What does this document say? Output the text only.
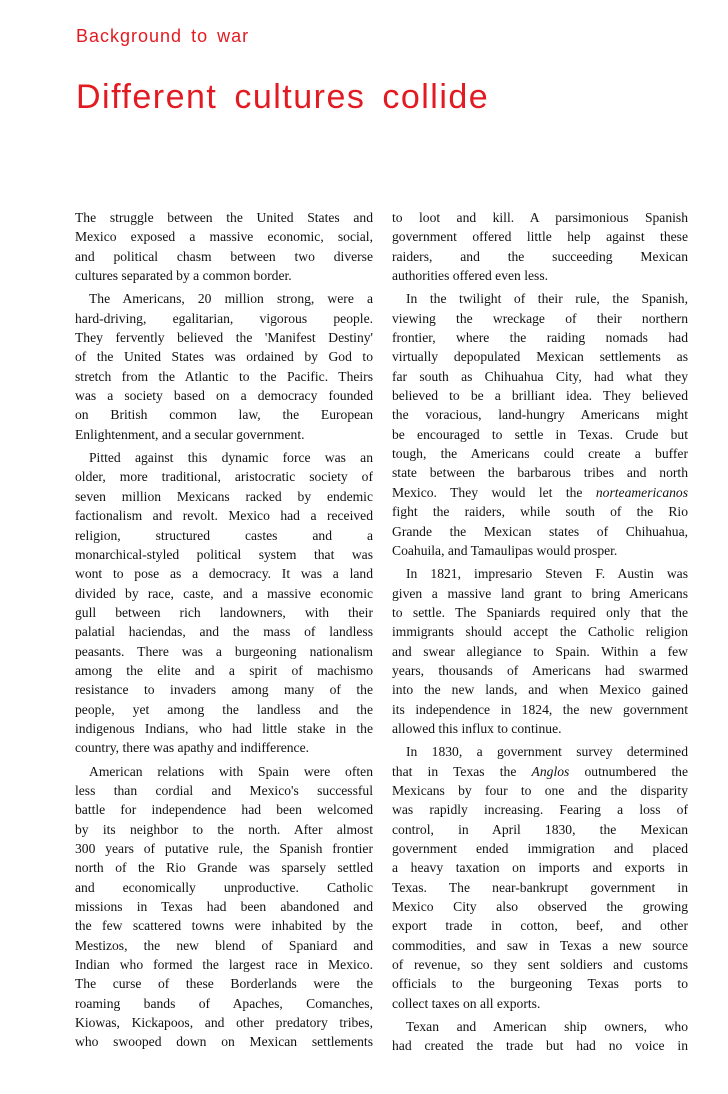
Background to war
Different cultures collide
The struggle between the United States and
Mexico exposed a massive economic, social,
and political chasm between two diverse
cultures separated by a common border.
The Americans, 20 million strong, were a
hard-driving, egalitarian, vigorous people.
They fervently believed the 'Manifest Destiny'
of the United States was ordained by God to
stretch from the Atlantic to the Pacific. Theirs
was a society based on a democracy founded
on British common law, the European
Enlightenment, and a secular government.
Pitted against this dynamic force was an
older, more traditional, aristocratic society of
seven million Mexicans racked by endemic
factionalism and revolt. Mexico had a received
religion, structured castes and a
monarchical-styled political system that was
wont to pose as a democracy. It was a land
divided by race, caste, and a massive economic
gull between rich landowners, with their
palatial haciendas, and the mass of landless
peasants. There was a burgeoning nationalism
among the elite and a spirit of machismo
resistance to invaders among many of the
people, yet among the landless and the
indigenous Indians, who had little stake in the
country, there was apathy and indifference.
American relations with Spain were often
less than cordial and Mexico's successful
battle for independence had been welcomed
by its neighbor to the north. After almost
300 years of putative rule, the Spanish frontier
north of the Rio Grande was sparsely settled
and economically unproductive. Catholic
missions in Texas had been abandoned and
the few scattered towns were inhabited by the
Mestizos, the new blend of Spaniard and
Indian who formed the largest race in Mexico.
The curse of these Borderlands were the
roaming bands of Apaches, Comanches,
Kiowas, Kickapoos, and other predatory tribes,
who swooped down on Mexican settlements
to loot and kill. A parsimonious Spanish
government offered little help against these
raiders, and the succeeding Mexican
authorities offered even less.
In the twilight of their rule, the Spanish,
viewing the wreckage of their northern
frontier, where the raiding nomads had
virtually depopulated Mexican settlements as
far south as Chihuahua City, had what they
believed to be a brilliant idea. They believed
the voracious, land-hungry Americans might
be encouraged to settle in Texas. Crude but
tough, the Americans could create a buffer
state between the barbarous tribes and north
Mexico. They would let the norteamericanos
fight the raiders, while south of the Rio
Grande the Mexican states of Chihuahua,
Coahuila, and Tamaulipas would prosper.
In 1821, impresario Steven F. Austin was
given a massive land grant to bring Americans
to settle. The Spaniards required only that the
immigrants should accept the Catholic religion
and swear allegiance to Spain. Within a few
years, thousands of Americans had swarmed
into the new lands, and when Mexico gained
its independence in 1824, the new government
allowed this influx to continue.
In 1830, a government survey determined
that in Texas the Anglos outnumbered the
Mexicans by four to one and the disparity
was rapidly increasing. Fearing a loss of
control, in April 1830, the Mexican
government ended immigration and placed
a heavy taxation on imports and exports in
Texas. The near-bankrupt government in
Mexico City also observed the growing
export trade in cotton, beef, and other
commodities, and saw in Texas a new source
of revenue, so they sent soldiers and customs
officials to the burgeoning Texas ports to
collect taxes on all exports.
Texan and American ship owners, who
had created the trade but had no voice in
